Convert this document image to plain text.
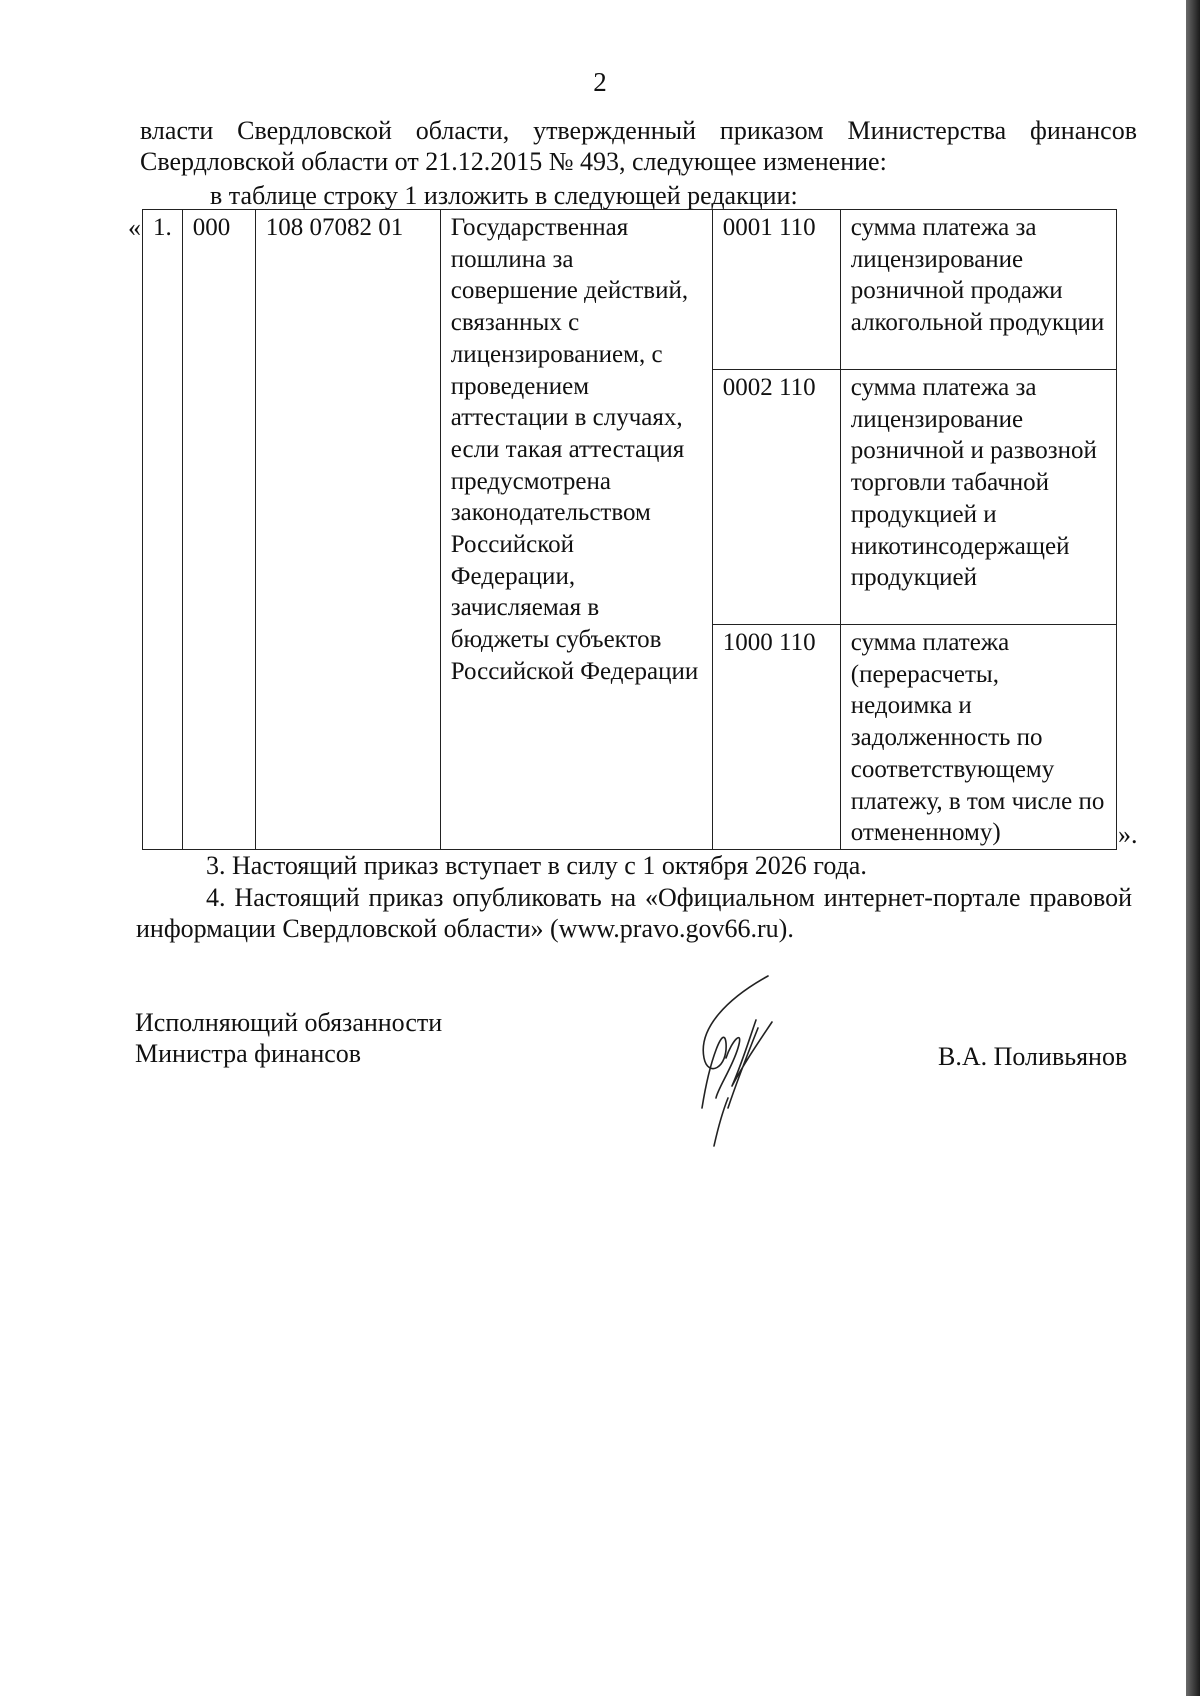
2

власти Свердловской области, утвержденный приказом Министерства финансов Свердловской области от 21.12.2015 № 493, следующее изменение:

в таблице строку 1 изложить в следующей редакции:
« 1.	000	108 07082 01	Государственная пошлина за совершение действий, связанных с лицензированием, с проведением аттестации в случаях, если такая аттестация предусмотрена законодательством Российской Федерации, зачисляемая в бюджеты субъектов Российской Федерации	0001 110	сумма платежа за лицензирование розничной продажи алкогольной продукции
				0002 110	сумма платежа за лицензирование розничной и развозной торговли табачной продукцией и никотинсодержащей продукцией
				1000 110	сумма платежа (перерасчеты, недоимка и задолженность по соответствующему платежу, в том числе по отмененному)	».

3. Настоящий приказ вступает в силу с 1 октября 2026 года.

4. Настоящий приказ опубликовать на «Официальном интернет-портале правовой информации Свердловской области» (www.pravo.gov66.ru).

Исполняющий обязанности
Министра финансов	В.А. Поливьянов
